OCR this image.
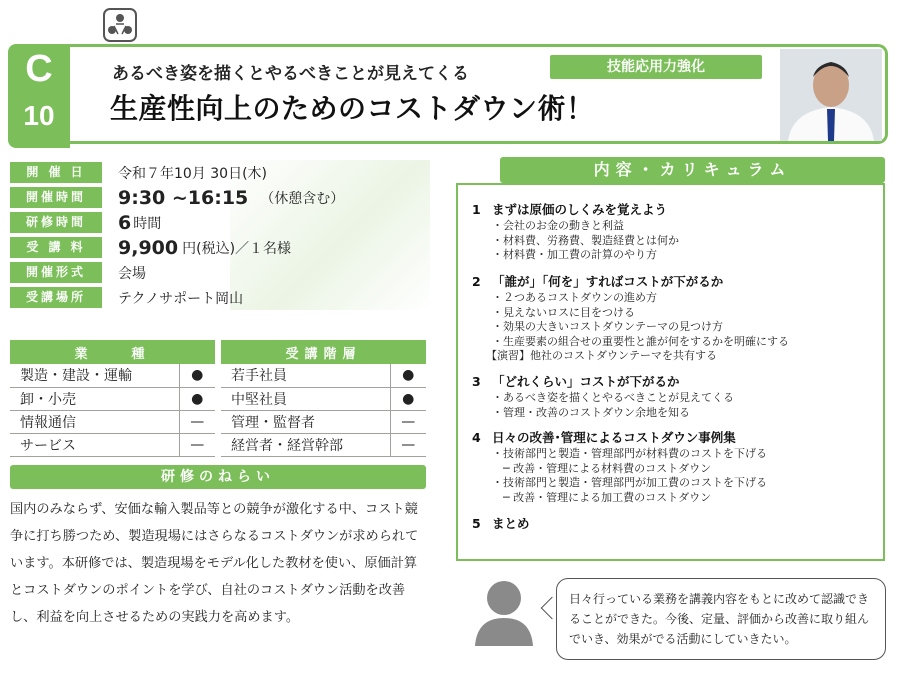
C
10
あるべき姿を描くとやるべきことが見えてくる
生産性向上のためのコストダウン術！
技能応用力強化
開 催 日	令和７年10月 30日(木)
開催時間	9:30 ~16:15 （休憩含む）
研修時間	6 時間
受 講 料	9,900 円(税込)／１名様
開催形式	会場
受講場所	テクノサポート岡山
業　　種			受講階層	
製造・建設・運輸	●		若手社員	●
卸・小売	●		中堅社員	●
情報通信	—		管理・監督者	—
サービス	—		経営者・経営幹部	—
研修のねらい
国内のみならず、安価な輸入製品等との競争が激化する中、コスト競争に打ち勝つため、製造現場にはさらなるコストダウンが求められています。本研修では、製造現場をモデル化した教材を使い、原価計算とコストダウンのポイントを学び、自社のコストダウン活動を改善し、利益を向上させるための実践力を高めます。
内容・カリキュラム
1 まずは原価のしくみを覚えよう
・会社のお金の動きと利益
・材料費、労務費、製造経費とは何か
・材料費・加工費の計算のやり方
2 「誰が」「何を」すればコストが下がるか
・２つあるコストダウンの進め方
・見えないロスに目をつける
・効果の大きいコストダウンテーマの見つけ方
・生産要素の組合せの重要性と誰が何をするかを明確にする
【演習】他社のコストダウンテーマを共有する
3 「どれくらい」コストが下がるか
・あるべき姿を描くとやるべきことが見えてくる
・管理・改善のコストダウン余地を知る
4 日々の改善･管理によるコストダウン事例集
・技術部門と製造・管理部門が材料費のコストを下げる
　─ 改善・管理による材料費のコストダウン
・技術部門と製造・管理部門が加工費のコストを下げる
　─ 改善・管理による加工費のコストダウン
5 まとめ
日々行っている業務を講義内容をもとに改めて認識できることができた。今後、定量、評価から改善に取り組んでいき、効果がでる活動にしていきたい。
